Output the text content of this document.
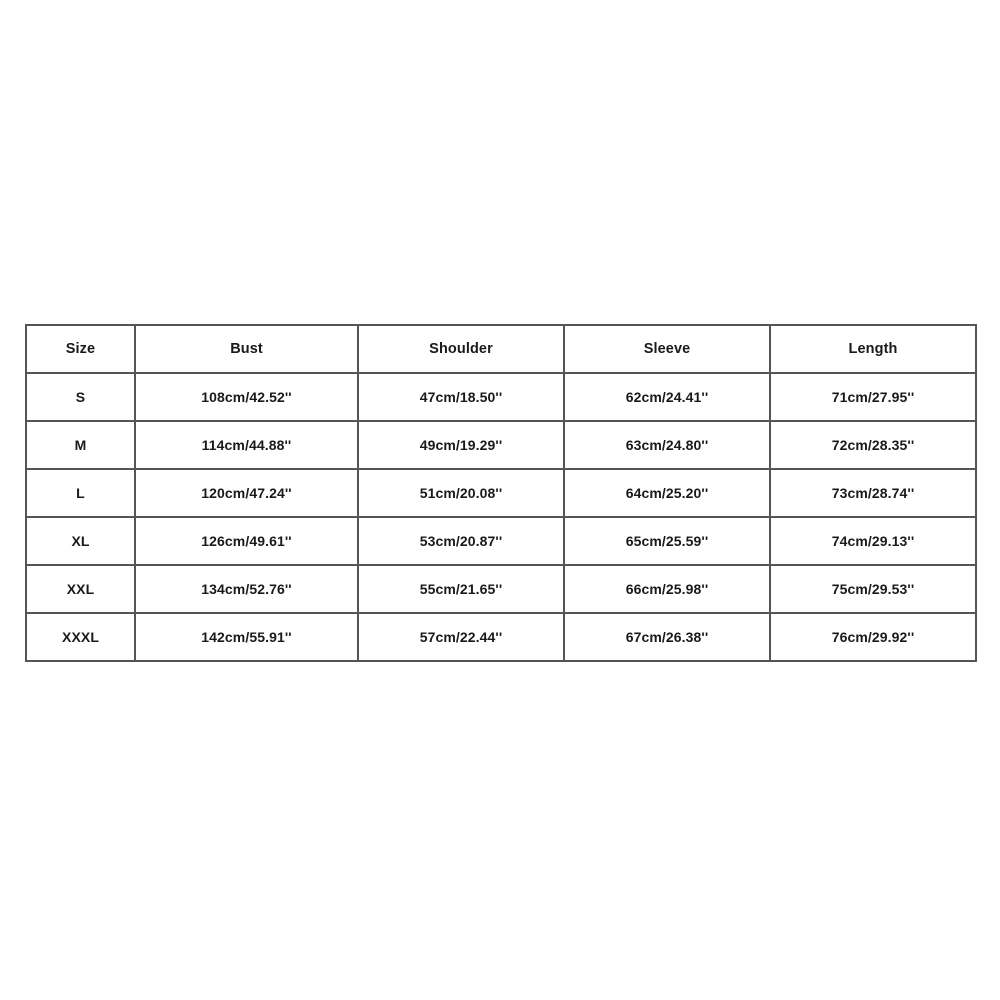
Size	Bust	Shoulder	Sleeve	Length
S	108cm/42.52''	47cm/18.50''	62cm/24.41''	71cm/27.95''
M	114cm/44.88''	49cm/19.29''	63cm/24.80''	72cm/28.35''
L	120cm/47.24''	51cm/20.08''	64cm/25.20''	73cm/28.74''
XL	126cm/49.61''	53cm/20.87''	65cm/25.59''	74cm/29.13''
XXL	134cm/52.76''	55cm/21.65''	66cm/25.98''	75cm/29.53''
XXXL	142cm/55.91''	57cm/22.44''	67cm/26.38''	76cm/29.92''
